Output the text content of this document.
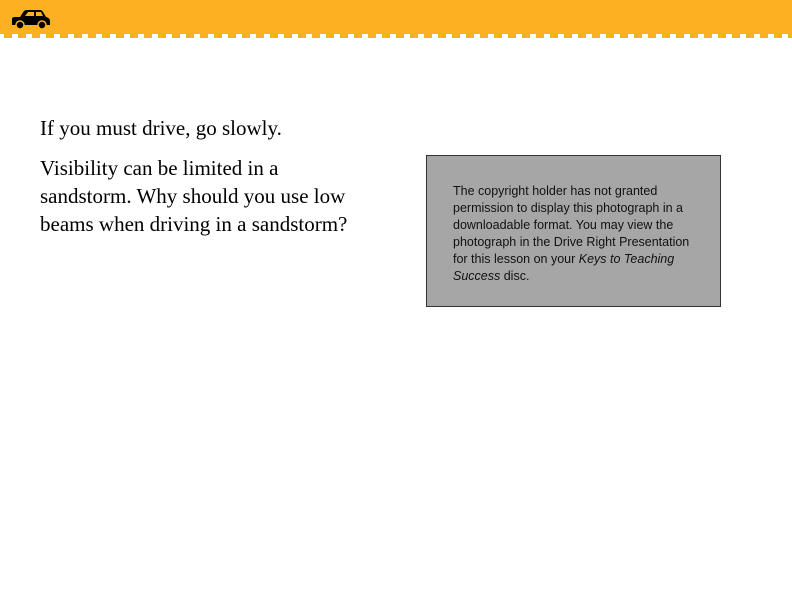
If you must drive, go slowly.

Visibility can be limited in a sandstorm. Why should you use low beams when driving in a sandstorm?

The copyright holder has not granted permission to display this photograph in a downloadable format. You may view the photograph in the Drive Right Presentation for this lesson on your Keys to Teaching Success disc.
